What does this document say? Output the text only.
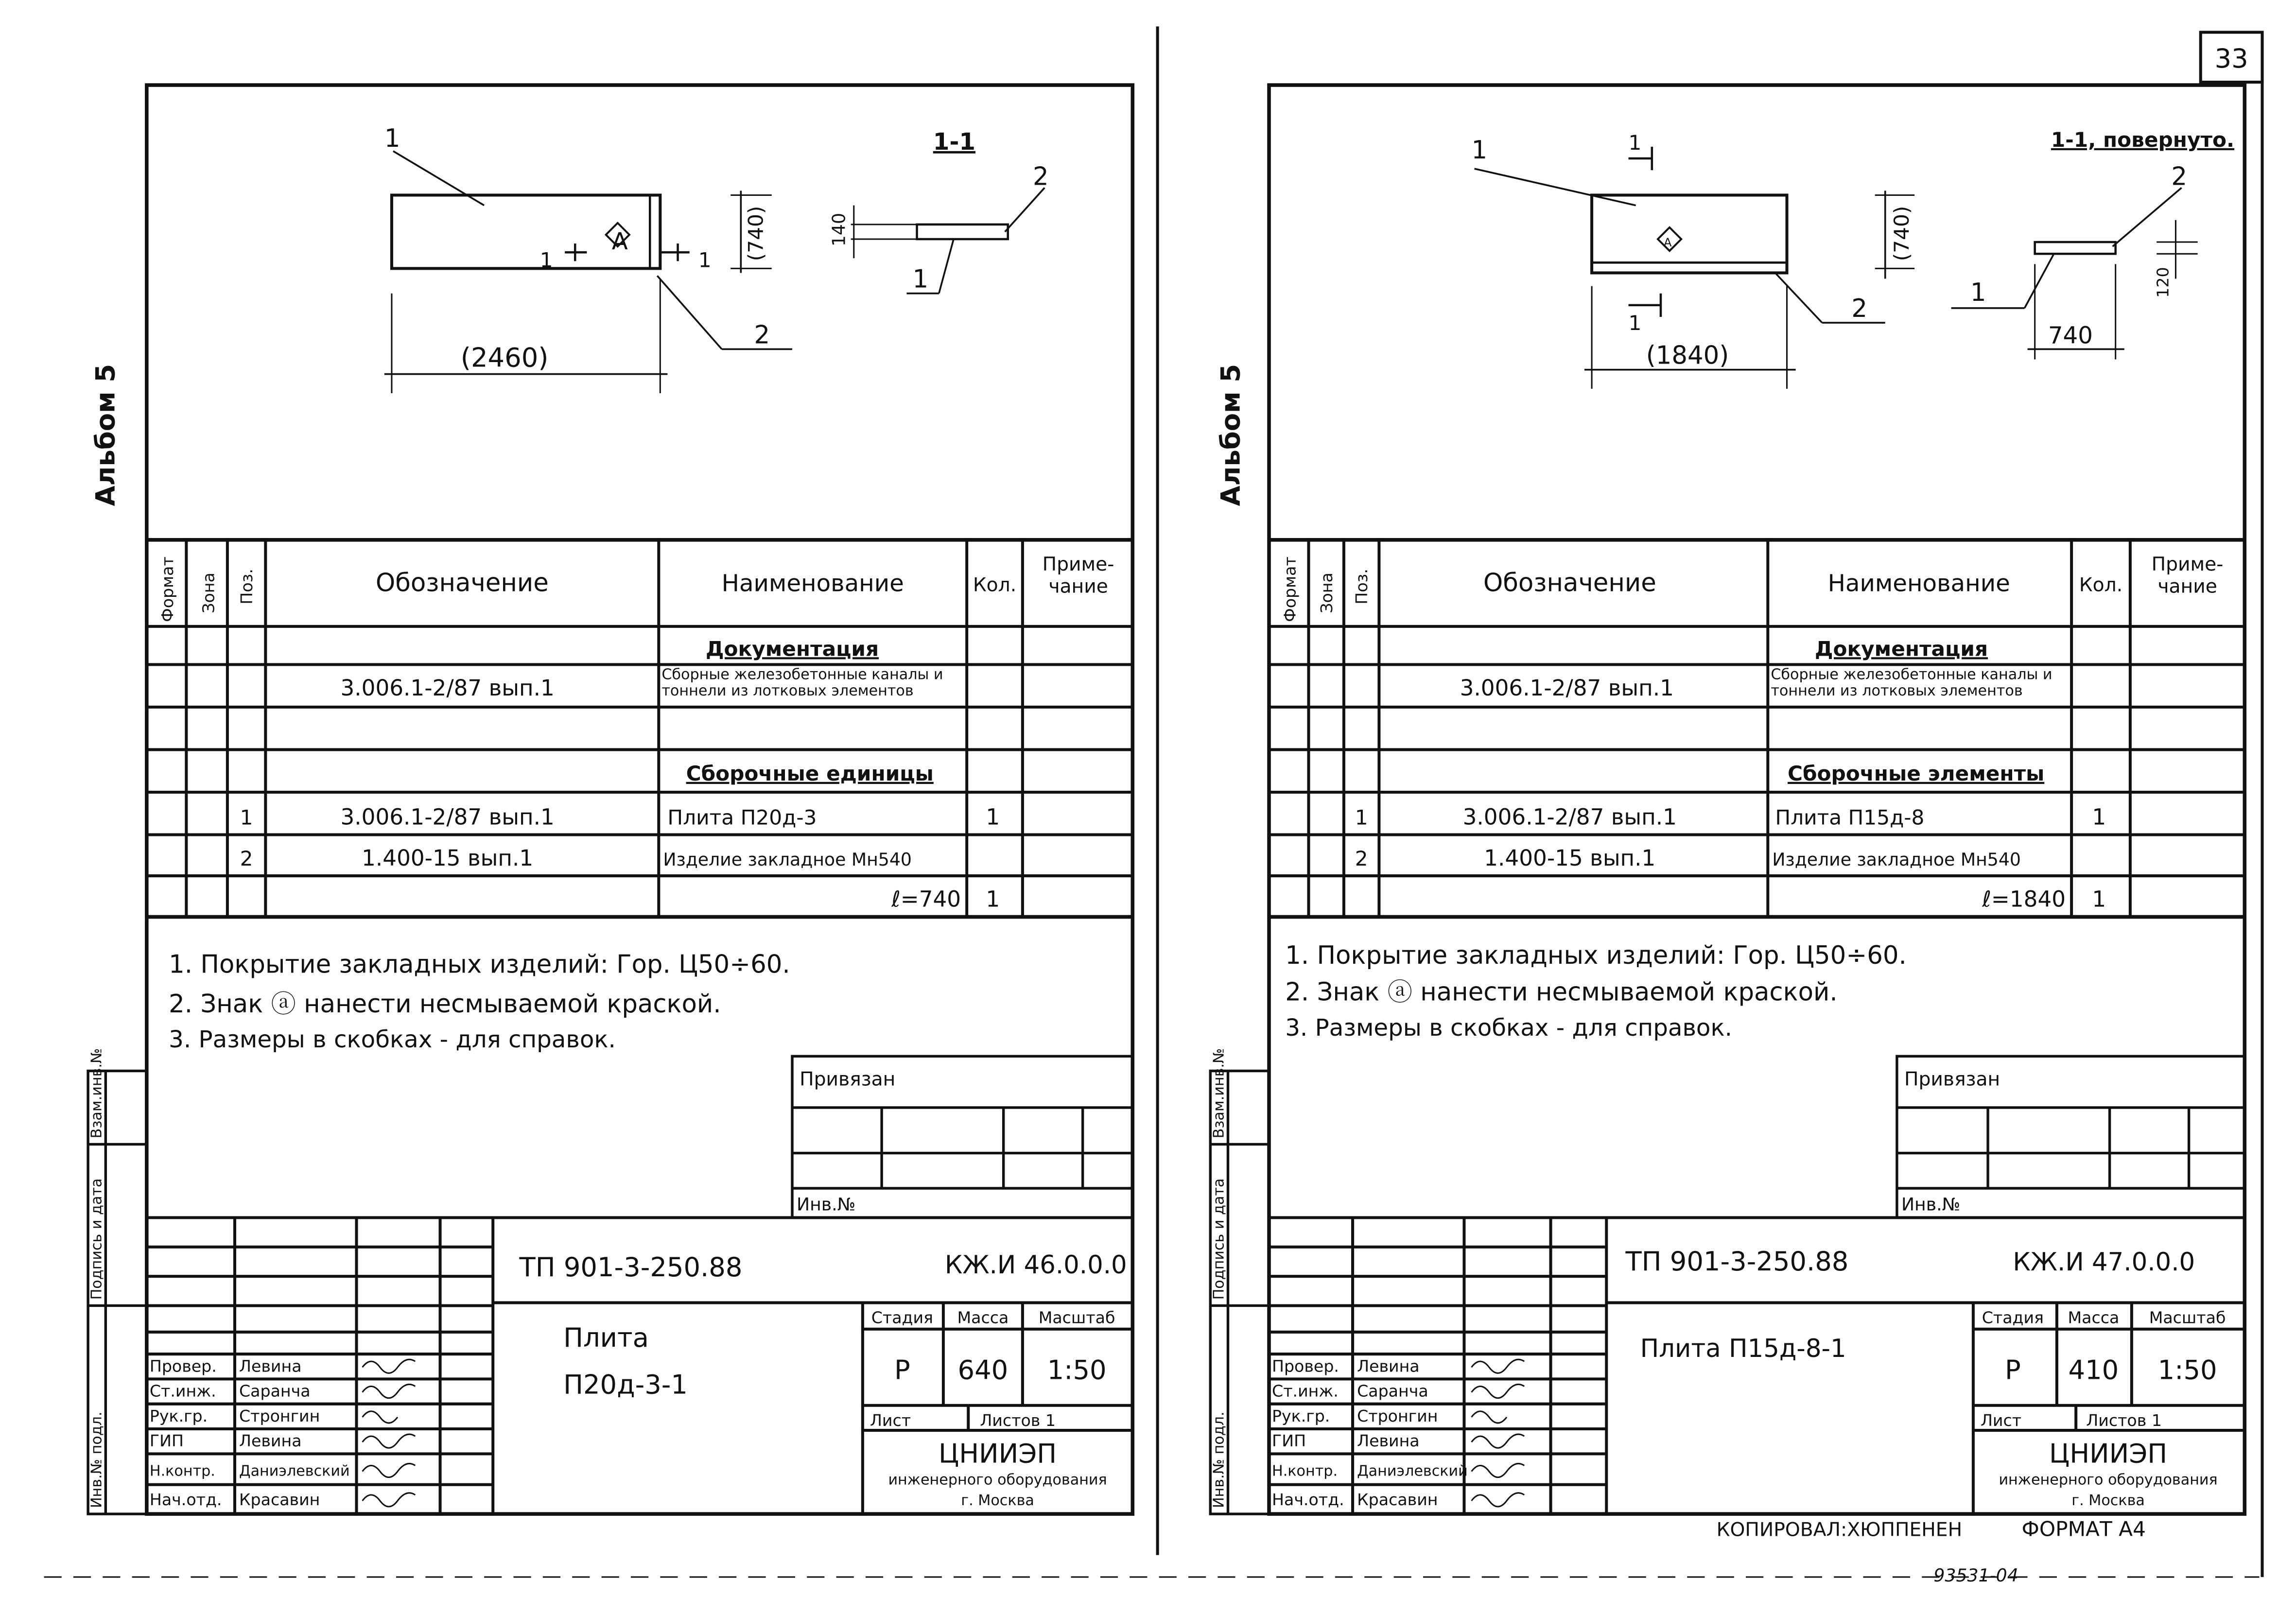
33
КОПИРОВАЛ:ХЮППЕНЕН	ФОРМАТ А4
93531-04
Альбом 5
1
A
1	1
2
(740)
(2460)
1-1
140
2
1
Формат	Зона	Поз.	Обозначение	Наименование	Кол.
Приме-чание
Документация
3.006.1-2/87 вып.1	Сборные железобетонные каналы и тоннели из лотковых элементов
Сборочные единицы
1	3.006.1-2/87 вып.1	Плита П20д-3	1
2	1.400-15 вып.1	Изделие закладное Мн540
ℓ=740	1
1. Покрытие закладных изделий: Гор. Ц50÷60.
2. Знак ⓐ нанести несмываемой краской.
3. Размеры в скобках - для справок.
Привязан
Инв.№
Инв.№ подл.
Подпись и дата
Взам.инв.№
ТП 901-3-250.88	КЖ.И 46.0.0.0
Плита
П20д-3-1
Стадия	Масса	Масштаб
Р	640	1:50
Лист	Листов 1
ЦНИИЭП
инженерного оборудования
г. Москва
Провер.	Левина
Ст.инж.	Саранча
Рук.гр.	Стронгин
ГИП	Левина
Н.контр.	Даниэлевский
Нач.отд.	Красавин
Альбом 5
1
A
1
1	2
(740)
(1840)
1-1, повернуто.
2
120
1
740
Формат	Зона	Поз.	Обозначение	Наименование	Кол.
Приме-чание
Документация
3.006.1-2/87 вып.1	Сборные железобетонные каналы и тоннели из лотковых элементов
Сборочные элементы
1	3.006.1-2/87 вып.1	Плита П15д-8	1
2	1.400-15 вып.1	Изделие закладное Мн540
ℓ=1840	1
1. Покрытие закладных изделий: Гор. Ц50÷60.
2. Знак ⓐ нанести несмываемой краской.
3. Размеры в скобках - для справок.
Привязан
Инв.№
Инв.№ подл.
Подпись и дата
Взам.инв.№
ТП 901-3-250.88	КЖ.И 47.0.0.0
Плита П15д-8-1
Стадия	Масса	Масштаб
Р	410	1:50
Лист	Листов 1
ЦНИИЭП
инженерного оборудования
г. Москва
Провер.	Левина
Ст.инж.	Саранча
Рук.гр.	Стронгин
ГИП	Левина
Н.контр.	Даниэлевский
Нач.отд. Красавин
